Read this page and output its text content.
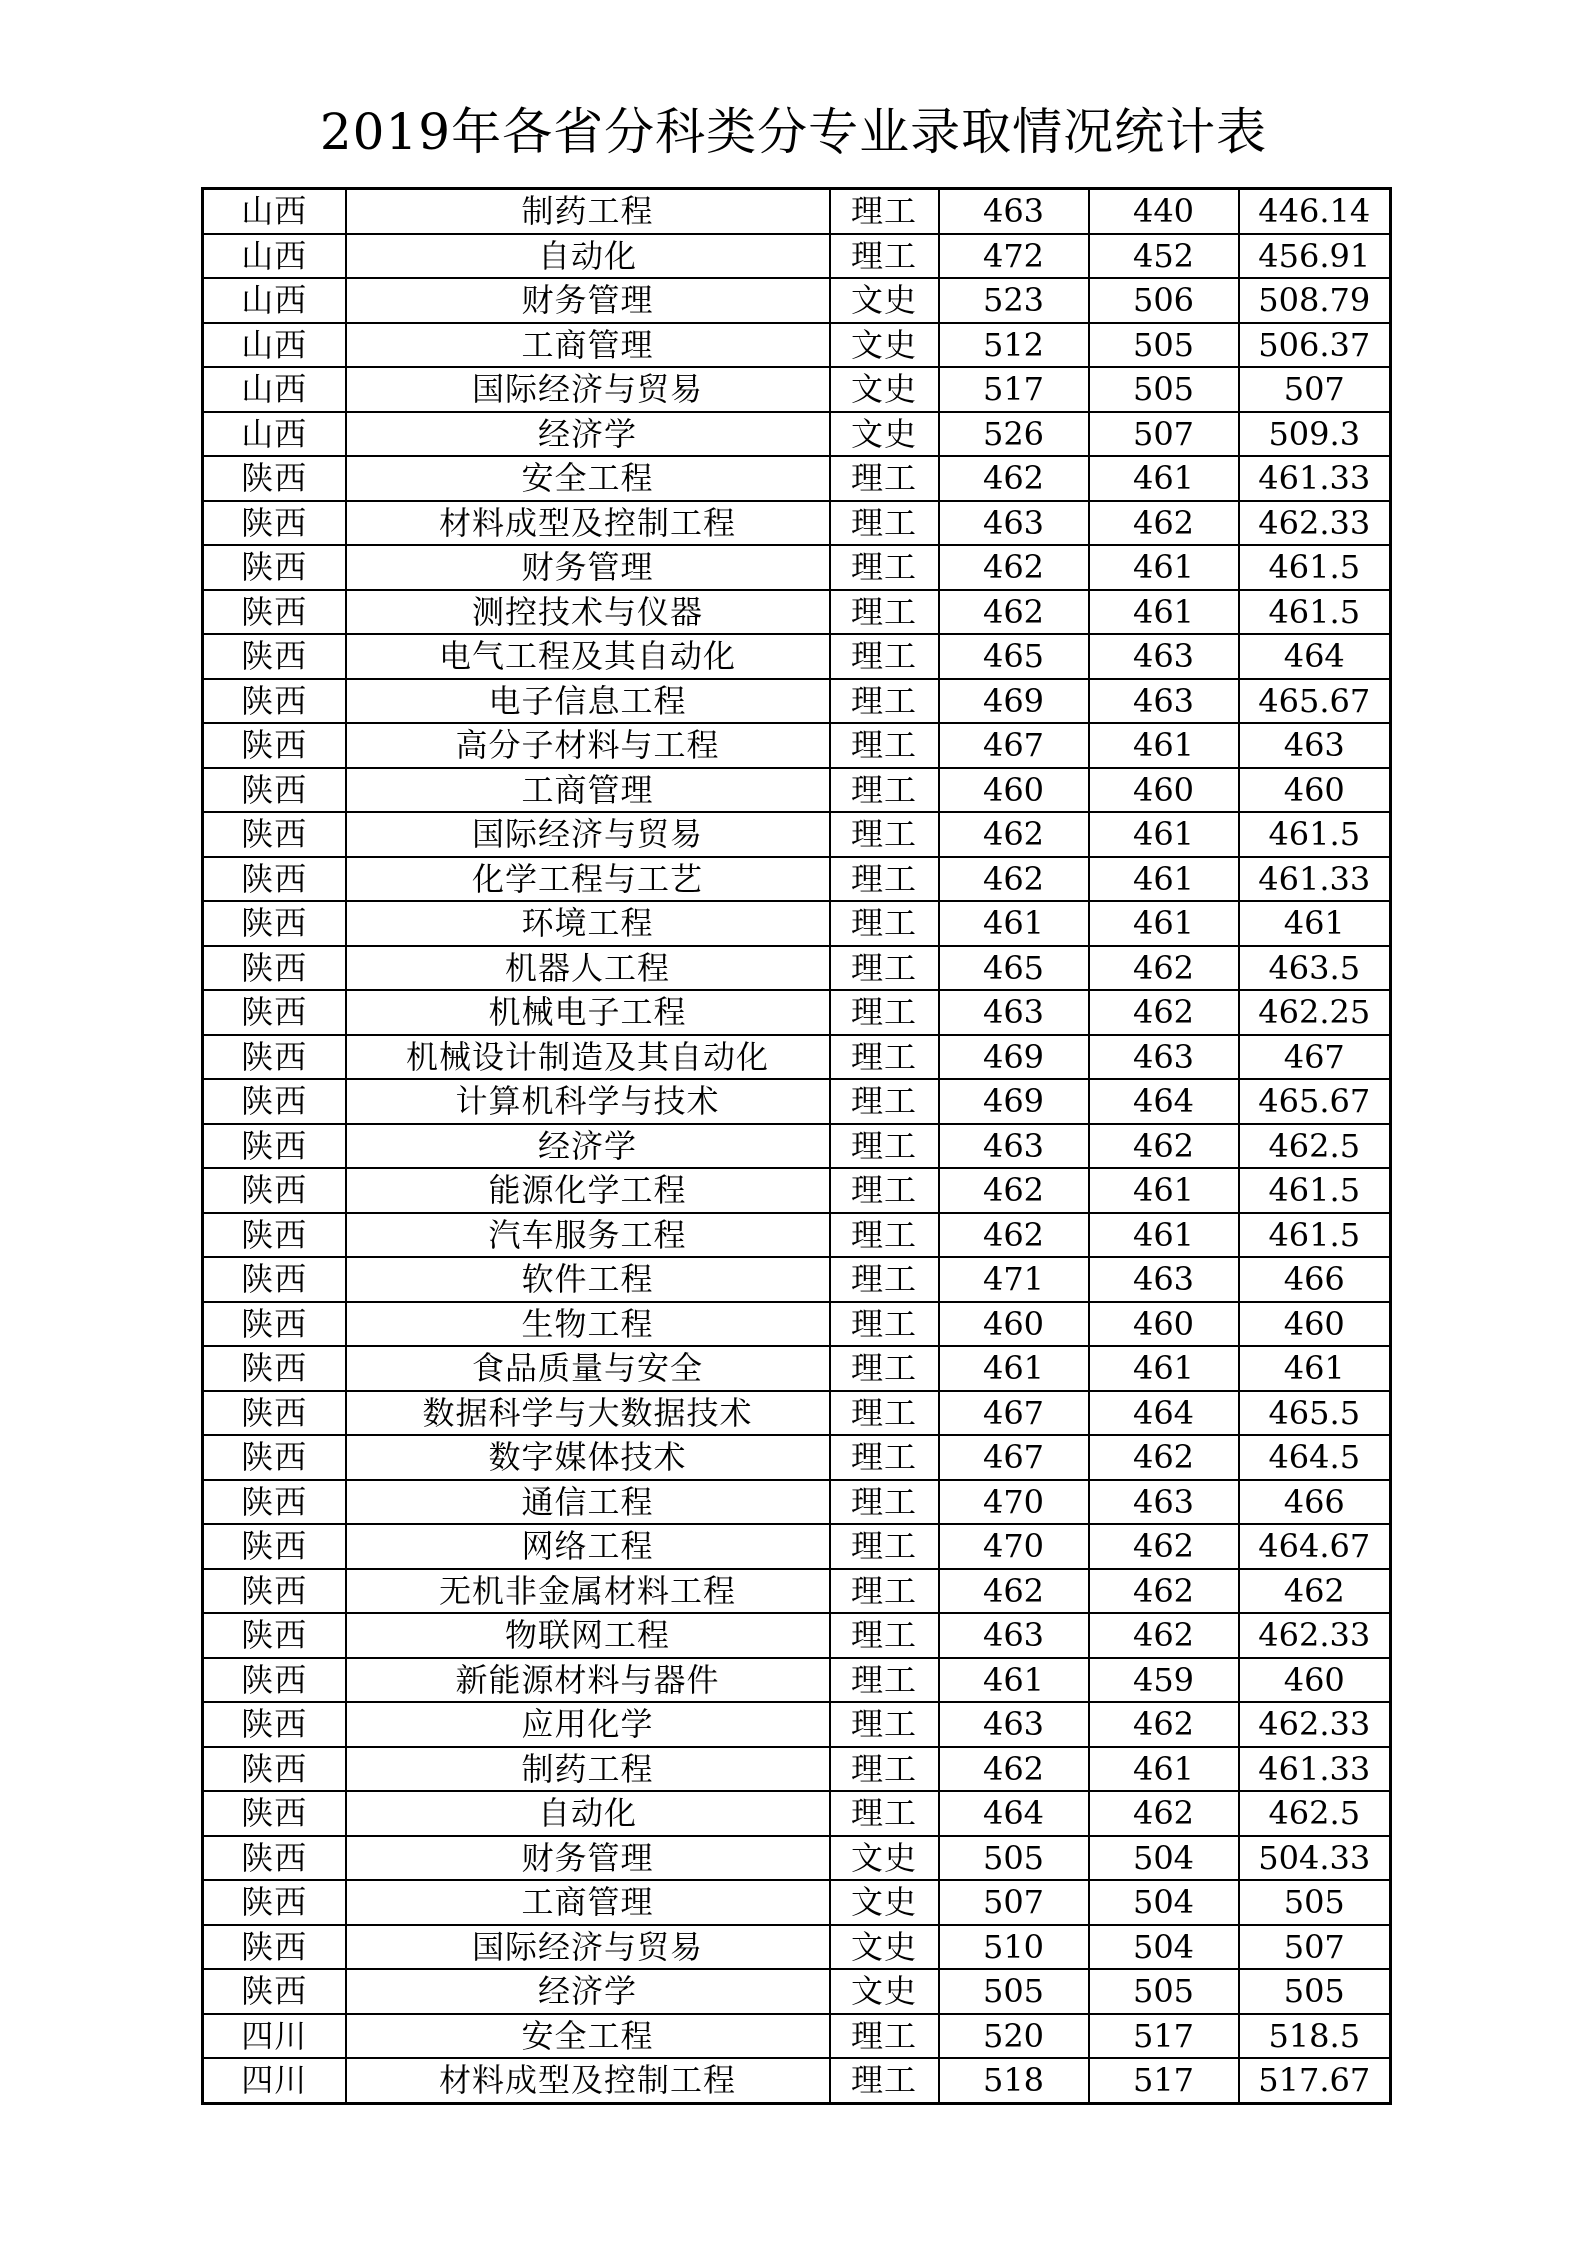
2019年各省分科类分专业录取情况统计表
山西	制药工程	理工	463	440	446.14
山西	自动化	理工	472	452	456.91
山西	财务管理	文史	523	506	508.79
山西	工商管理	文史	512	505	506.37
山西	国际经济与贸易	文史	517	505	507
山西	经济学	文史	526	507	509.3
陕西	安全工程	理工	462	461	461.33
陕西	材料成型及控制工程	理工	463	462	462.33
陕西	财务管理	理工	462	461	461.5
陕西	测控技术与仪器	理工	462	461	461.5
陕西	电气工程及其自动化	理工	465	463	464
陕西	电子信息工程	理工	469	463	465.67
陕西	高分子材料与工程	理工	467	461	463
陕西	工商管理	理工	460	460	460
陕西	国际经济与贸易	理工	462	461	461.5
陕西	化学工程与工艺	理工	462	461	461.33
陕西	环境工程	理工	461	461	461
陕西	机器人工程	理工	465	462	463.5
陕西	机械电子工程	理工	463	462	462.25
陕西	机械设计制造及其自动化	理工	469	463	467
陕西	计算机科学与技术	理工	469	464	465.67
陕西	经济学	理工	463	462	462.5
陕西	能源化学工程	理工	462	461	461.5
陕西	汽车服务工程	理工	462	461	461.5
陕西	软件工程	理工	471	463	466
陕西	生物工程	理工	460	460	460
陕西	食品质量与安全	理工	461	461	461
陕西	数据科学与大数据技术	理工	467	464	465.5
陕西	数字媒体技术	理工	467	462	464.5
陕西	通信工程	理工	470	463	466
陕西	网络工程	理工	470	462	464.67
陕西	无机非金属材料工程	理工	462	462	462
陕西	物联网工程	理工	463	462	462.33
陕西	新能源材料与器件	理工	461	459	460
陕西	应用化学	理工	463	462	462.33
陕西	制药工程	理工	462	461	461.33
陕西	自动化	理工	464	462	462.5
陕西	财务管理	文史	505	504	504.33
陕西	工商管理	文史	507	504	505
陕西	国际经济与贸易	文史	510	504	507
陕西	经济学	文史	505	505	505
四川	安全工程	理工	520	517	518.5
四川	材料成型及控制工程	理工	518	517	517.67
